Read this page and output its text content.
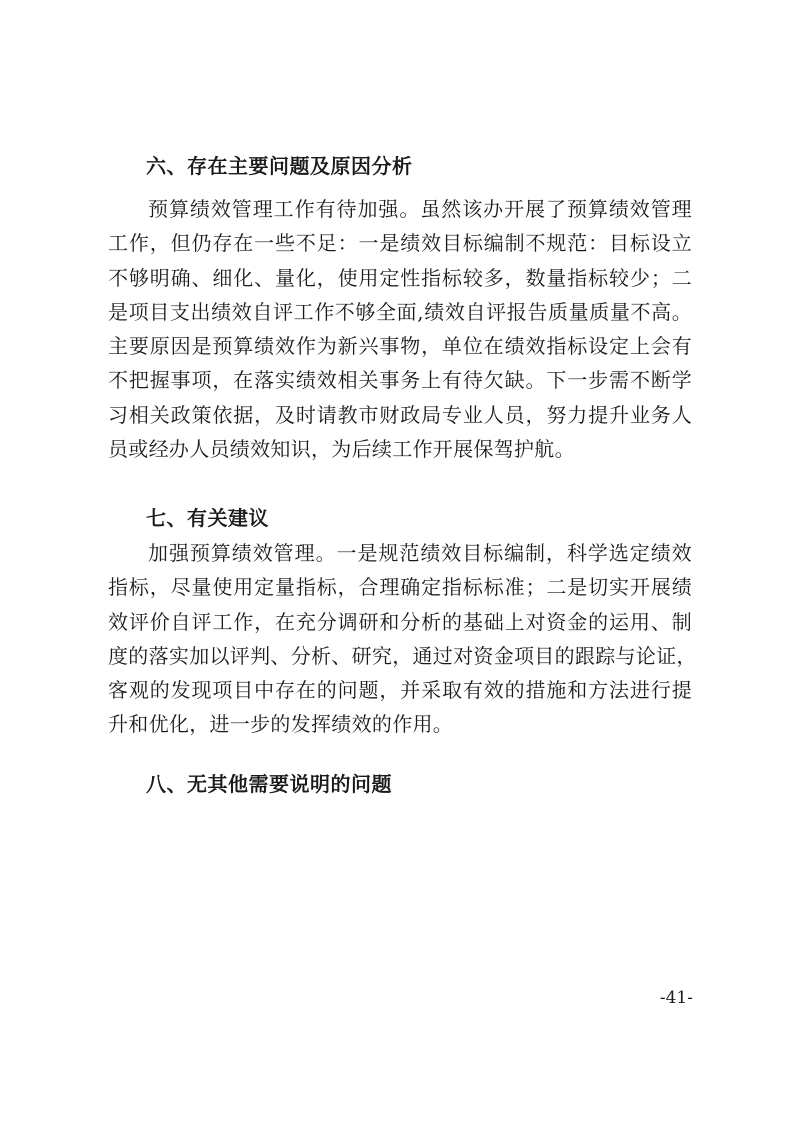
六、存在主要问题及原因分析
预算绩效管理工作有待加强。虽然该办开展了预算绩效管理
工作，但仍存在一些不足：一是绩效目标编制不规范：目标设立
不够明确、细化、量化，使用定性指标较多，数量指标较少；二
是项目支出绩效自评工作不够全面,绩效自评报告质量质量不高。
主要原因是预算绩效作为新兴事物，单位在绩效指标设定上会有
不把握事项，在落实绩效相关事务上有待欠缺。下一步需不断学
习相关政策依据，及时请教市财政局专业人员，努力提升业务人
员或经办人员绩效知识，为后续工作开展保驾护航。
七、有关建议
加强预算绩效管理。一是规范绩效目标编制，科学选定绩效
指标，尽量使用定量指标，合理确定指标标准；二是切实开展绩
效评价自评工作，在充分调研和分析的基础上对资金的运用、制
度的落实加以评判、分析、研究，通过对资金项目的跟踪与论证，
客观的发现项目中存在的问题，并采取有效的措施和方法进行提
升和优化，进一步的发挥绩效的作用。
八、无其他需要说明的问题
-41-
